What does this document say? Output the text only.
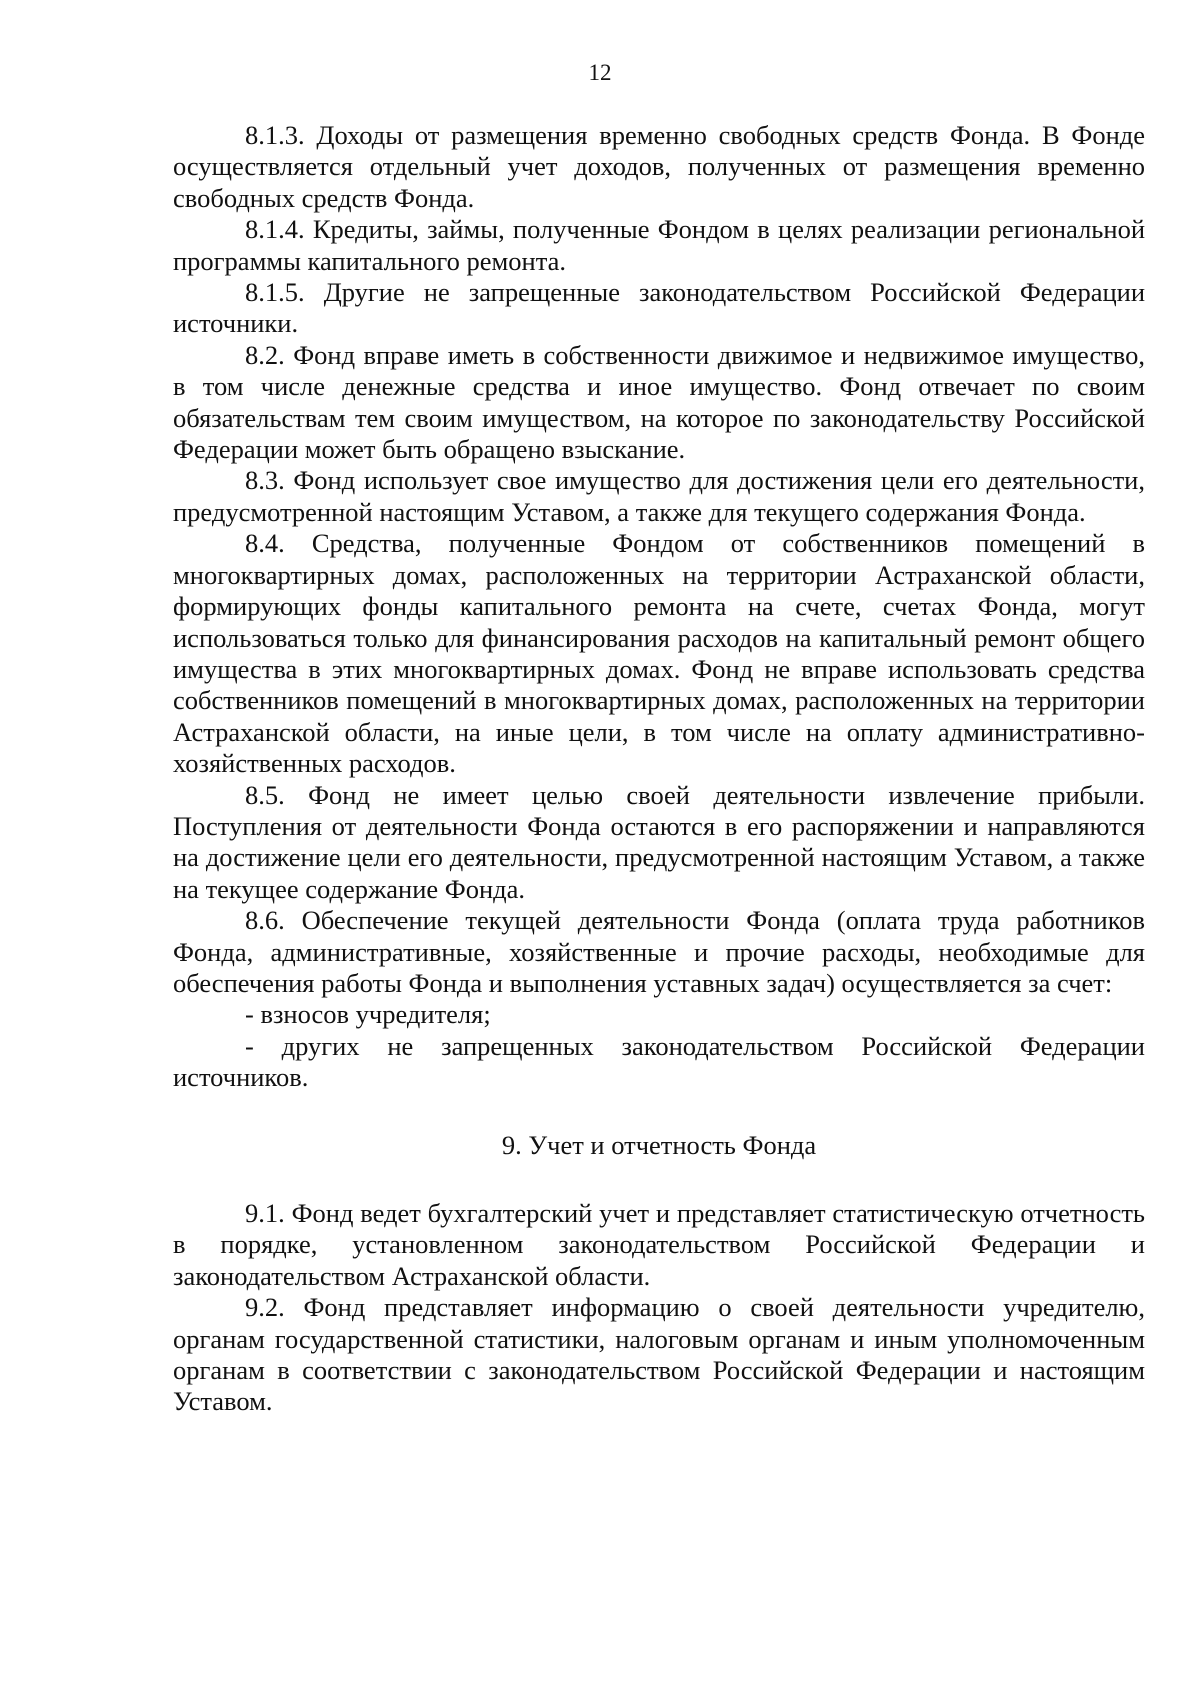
12

8.1.3. Доходы от размещения временно свободных средств Фонда. В Фонде осуществляется отдельный учет доходов, полученных от размещения временно свободных средств Фонда.

8.1.4. Кредиты, займы, полученные Фондом в целях реализации региональной программы капитального ремонта.

8.1.5. Другие не запрещенные законодательством Российской Федерации источники.

8.2. Фонд вправе иметь в собственности движимое и недвижимое имущество, в том числе денежные средства и иное имущество. Фонд отвечает по своим обязательствам тем своим имуществом, на которое по законодательству Российской Федерации может быть обращено взыскание.

8.3. Фонд использует свое имущество для достижения цели его деятельности, предусмотренной настоящим Уставом, а также для текущего содержания Фонда.

8.4. Средства, полученные Фондом от собственников помещений в многоквартирных домах, расположенных на территории Астраханской области, формирующих фонды капитального ремонта на счете, счетах Фонда, могут использоваться только для финансирования расходов на капитальный ремонт общего имущества в этих многоквартирных домах. Фонд не вправе использовать средства собственников помещений в многоквартирных домах, расположенных на территории Астраханской области, на иные цели, в том числе на оплату административно-хозяйственных расходов.

8.5. Фонд не имеет целью своей деятельности извлечение прибыли. Поступления от деятельности Фонда остаются в его распоряжении и направляются на достижение цели его деятельности, предусмотренной настоящим Уставом, а также на текущее содержание Фонда.

8.6. Обеспечение текущей деятельности Фонда (оплата труда работников Фонда, административные, хозяйственные и прочие расходы, необходимые для обеспечения работы Фонда и выполнения уставных задач) осуществляется за счет:

- взносов учредителя;

- других не запрещенных законодательством Российской Федерации источников.

9. Учет и отчетность Фонда

9.1. Фонд ведет бухгалтерский учет и представляет статистическую отчетность в порядке, установленном законодательством Российской Федерации и законодательством Астраханской области.

9.2. Фонд представляет информацию о своей деятельности учредителю, органам государственной статистики, налоговым органам и иным уполномоченным органам в соответствии с законодательством Российской Федерации и настоящим Уставом.
